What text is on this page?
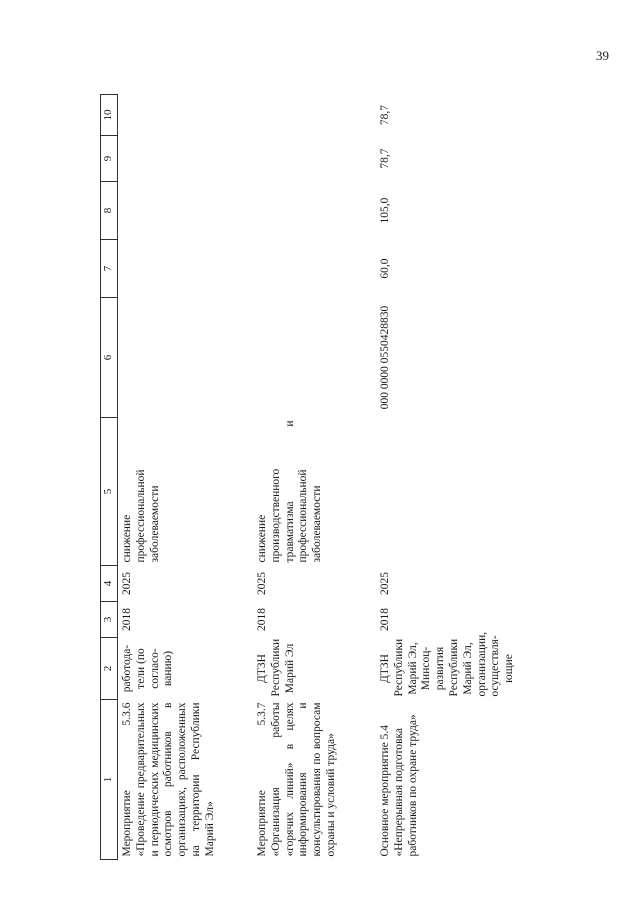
39
1	2	3	4	5	6	7	8	9	10
Мероприятие 5.3.6 «Проведение предварительных и периодических медицинских осмотров работников в организациях, расположенных на территории Республики Марий Эл»	работода-тели (по согласо-ванию)	2018	2025	снижение профессиональной заболеваемости					
Мероприятие 5.3.7 «Организация работы «горячих линий» в целях информирования и консультирования по вопросам охраны и условий труда»	ДТЗН Республики Марий Эл	2018	2025	снижение производственного травматизма и профессиональной заболеваемости					
Основное мероприятие 5.4 «Непрерывная подготовка работников по охране труда»	ДТЗН Республики Марий Эл, Минсоц-развития Республики Марий Эл, организации, осуществля-ющие	2018	2025		000 0000 0550428830	60,0	105,0	78,7	78,7
